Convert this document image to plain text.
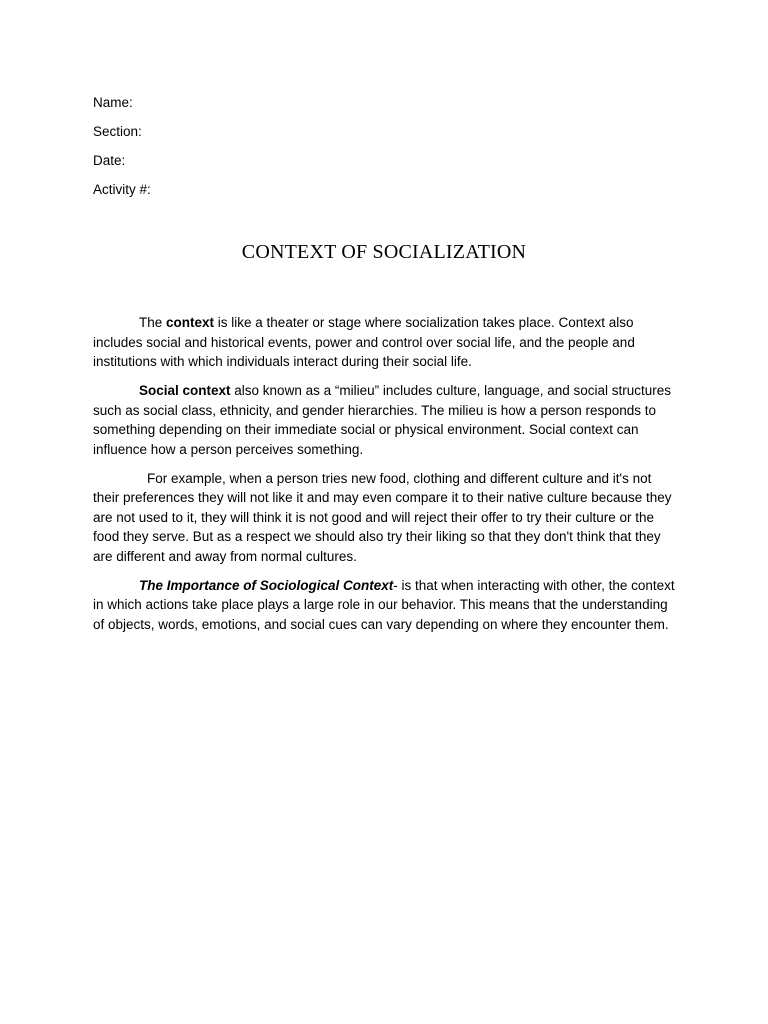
Name:
Section:
Date:
Activity #:
CONTEXT OF SOCIALIZATION

The context is like a theater or stage where socialization takes place. Context also includes social and historical events, power and control over social life, and the people and institutions with which individuals interact during their social life.

Social context also known as a “milieu” includes culture, language, and social structures such as social class, ethnicity, and gender hierarchies. The milieu is how a person responds to something depending on their immediate social or physical environment. Social context can influence how a person perceives something.

For example, when a person tries new food, clothing and different culture and it's not their preferences they will not like it and may even compare it to their native culture because they are not used to it, they will think it is not good and will reject their offer to try their culture or the food they serve. But as a respect we should also try their liking so that they don't think that they are different and away from normal cultures.

The Importance of Sociological Context- is that when interacting with other, the context in which actions take place plays a large role in our behavior. This means that the understanding of objects, words, emotions, and social cues can vary depending on where they encounter them.
